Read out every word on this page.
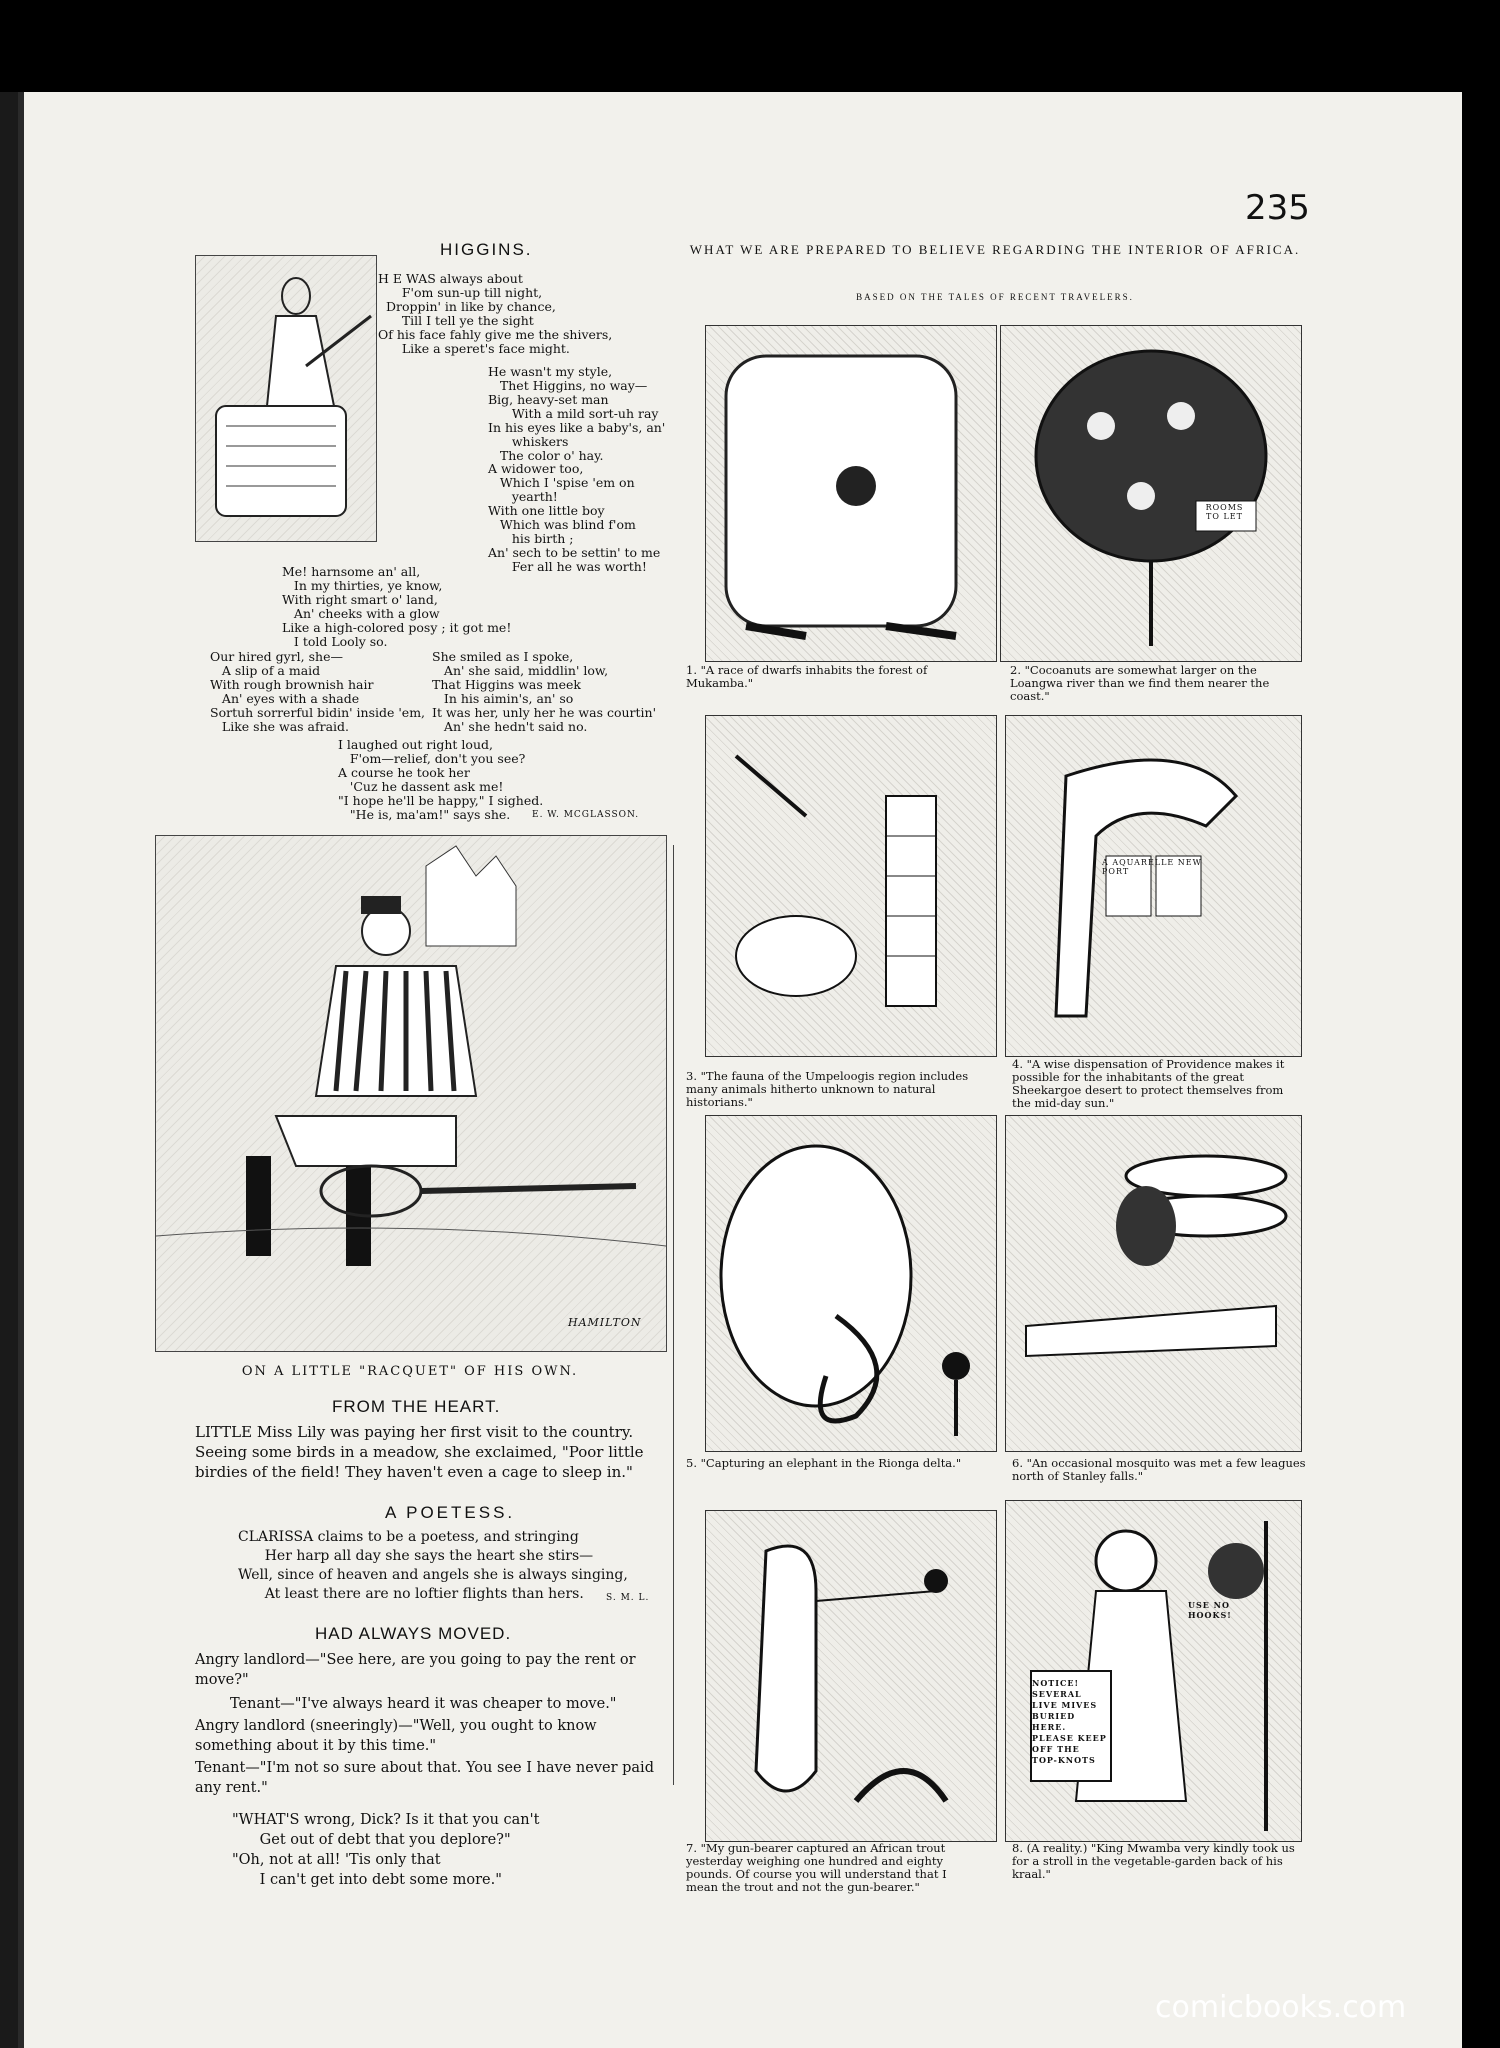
235
HIGGINS.
H E WAS always about
F'om sun-up till night,
Droppin' in like by chance,
Till I tell ye the sight
Of his face fahly give me the shivers,
Like a speret's face might.
He wasn't my style,
Thet Higgins, no way—
Big, heavy-set man
With a mild sort-uh ray
In his eyes like a baby's, an'
whiskers
The color o' hay.
A widower too,
Which I 'spise 'em on
yearth!
With one little boy
Which was blind f'om
his birth ;
An' sech to be settin' to me
Fer all he was worth!
Me! harnsome an' all,
In my thirties, ye know,
With right smart o' land,
An' cheeks with a glow
Like a high-colored posy ; it got me!
I told Looly so.
Our hired gyrl, she—
A slip of a maid
With rough brownish hair
An' eyes with a shade
Sortuh sorrerful bidin' inside 'em,
Like she was afraid.
She smiled as I spoke,
An' she said, middlin' low,
That Higgins was meek
In his aimin's, an' so
It was her, unly her he was courtin'
An' she hedn't said no.
I laughed out right loud,
F'om—relief, don't you see?
A course he took her
'Cuz he dassent ask me!
"I hope he'll be happy," I sighed.
"He is, ma'am!" says she.	E. W. MCGLASSON.
HAMILTON
ON A LITTLE "RACQUET" OF HIS OWN.
FROM THE HEART.
LITTLE Miss Lily was paying her first visit to the country. Seeing some birds in a meadow, she exclaimed, "Poor little birdies of the field! They haven't even a cage to sleep in."
A POETESS.
CLARISSA claims to be a poetess, and stringing
Her harp all day she says the heart she stirs—
Well, since of heaven and angels she is always singing,
At least there are no loftier flights than hers.	S. M. L.
HAD ALWAYS MOVED.
Angry landlord—"See here, are you going to pay the rent or move?"
Tenant—"I've always heard it was cheaper to move."
Angry landlord (sneeringly)—"Well, you ought to know something about it by this time."
Tenant—"I'm not so sure about that. You see I have never paid any rent."
"WHAT'S wrong, Dick? Is it that you can't
Get out of debt that you deplore?"
"Oh, not at all! 'Tis only that
I can't get into debt some more."
WHAT WE ARE PREPARED TO BELIEVE REGARDING THE INTERIOR OF AFRICA.
BASED ON THE TALES OF RECENT TRAVELERS.
1. "A race of dwarfs inhabits the forest of Mukamba."
ROOMS TO LET
2. "Cocoanuts are somewhat larger on the Loangwa river than we find them nearer the coast."
3. "The fauna of the Umpeloogis region includes many animals hitherto unknown to natural historians."
A AQUARELLE NEW PORT
4. "A wise dispensation of Providence makes it possible for the inhabitants of the great Sheekargoe desert to protect themselves from the mid-day sun."
5. "Capturing an elephant in the Rionga delta."	6. "An occasional mosquito was met a few leagues north of Stanley falls."
7. "My gun-bearer captured an African trout yesterday weighing one hundred and eighty pounds. Of course you will understand that I mean the trout and not the gun-bearer."
NOTICE! SEVERAL LIVE MIVES BURIED HERE. PLEASE KEEP OFF THE TOP-KNOTS
USE NO HOOKS!
8. (A reality.) "King Mwamba very kindly took us for a stroll in the vegetable-garden back of his kraal."
comicbooks.com
